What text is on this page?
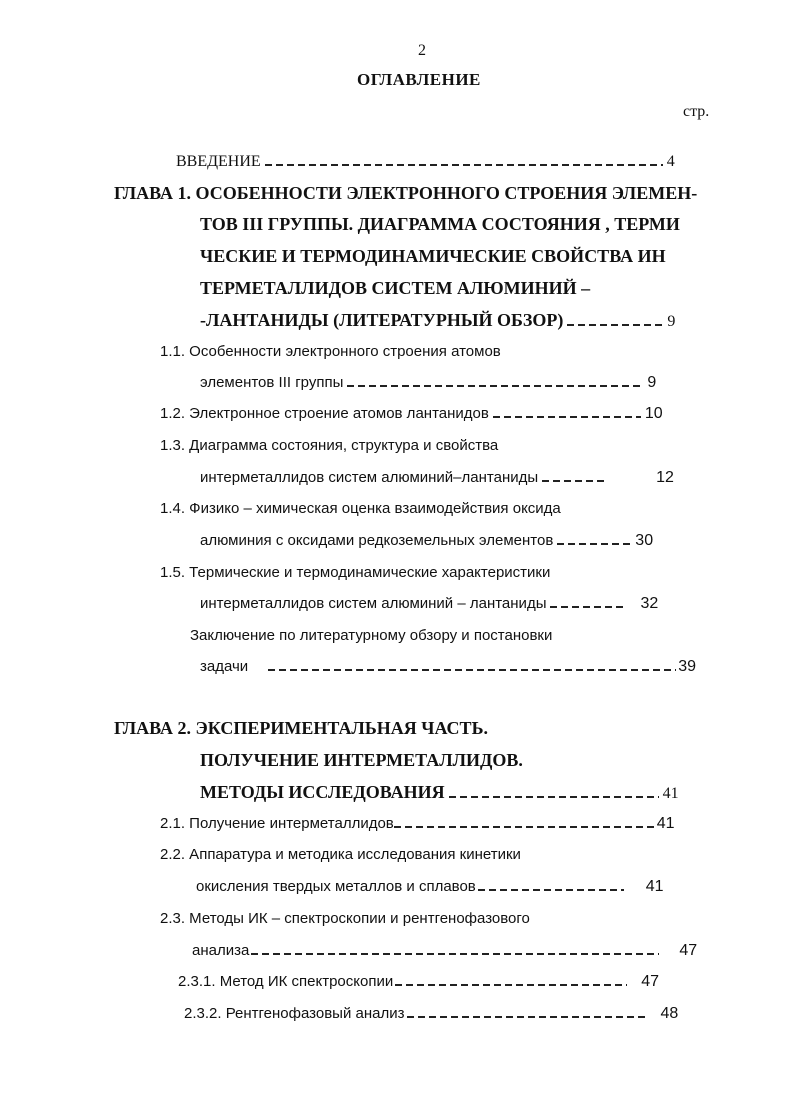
2
ОГЛАВЛЕНИЕ
стр.
ВВЕДЕНИЕ	4
ГЛАВА 1. ОСОБЕННОСТИ ЭЛЕКТРОННОГО СТРОЕНИЯ ЭЛЕМЕН-
ТОВ III ГРУППЫ. ДИАГРАММА СОСТОЯНИЯ , ТЕРМИ
ЧЕСКИЕ И ТЕРМОДИНАМИЧЕСКИЕ СВОЙСТВА ИН
ТЕРМЕТАЛЛИДОВ СИСТЕМ АЛЮМИНИЙ –
-ЛАНТАНИДЫ (ЛИТЕРАТУРНЫЙ ОБЗОР)	9
1.1. Особенности электронного строения атомов
элементов III группы	9
1.2. Электронное строение атомов лантанидов	10
1.3. Диаграмма состояния, структура и свойства
интерметаллидов систем алюминий–лантаниды	12
1.4. Физико – химическая оценка взаимодействия оксида
алюминия с оксидами редкоземельных элементов	30
1.5. Термические и термодинамические характеристики
интерметаллидов систем алюминий – лантаниды	32
Заключение по литературному обзору и постановки
задачи	39
ГЛАВА 2. ЭКСПЕРИМЕНТАЛЬНАЯ ЧАСТЬ.
ПОЛУЧЕНИЕ ИНТЕРМЕТАЛЛИДОВ.
МЕТОДЫ ИССЛЕДОВАНИЯ	41
2.1. Получение интерметаллидов	41
2.2. Аппаратура и методика исследования кинетики
окисления твердых металлов и сплавов	41
2.3. Методы ИК – спектроскопии и рентгенофазового
анализа	47
2.3.1. Метод ИК спектроскопии	47
2.3.2. Рентгенофазовый анализ	48
